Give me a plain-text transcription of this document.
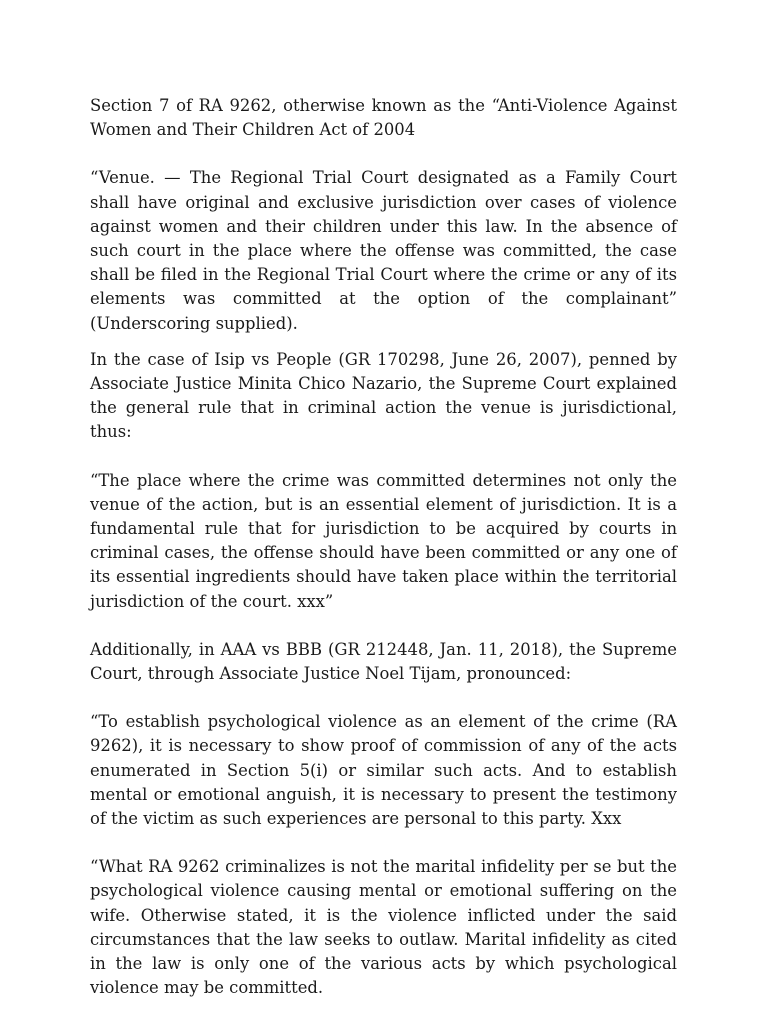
Section 7 of RA 9262, otherwise known as the “Anti-Violence Against Women and Their Children Act of 2004

“Venue. — The Regional Trial Court designated as a Family Court shall have original and exclusive jurisdiction over cases of violence against women and their children under this law. In the absence of such court in the place where the offense was committed, the case shall be filed in the Regional Trial Court where the crime or any of its elements was committed at the option of the complainant” (Underscoring supplied).

In the case of Isip vs People (GR 170298, June 26, 2007), penned by Associate Justice Minita Chico Nazario, the Supreme Court explained the general rule that in criminal action the venue is jurisdictional, thus:

“The place where the crime was committed determines not only the venue of the action, but is an essential element of jurisdiction. It is a fundamental rule that for jurisdiction to be acquired by courts in criminal cases, the offense should have been committed or any one of its essential ingredients should have taken place within the territorial jurisdiction of the court. xxx”

Additionally, in AAA vs BBB (GR 212448, Jan. 11, 2018), the Supreme Court, through Associate Justice Noel Tijam, pronounced:

“To establish psychological violence as an element of the crime (RA 9262), it is necessary to show proof of commission of any of the acts enumerated in Section 5(i) or similar such acts. And to establish mental or emotional anguish, it is necessary to present the testimony of the victim as such experiences are personal to this party. Xxx

“What RA 9262 criminalizes is not the marital infidelity per se but the psychological violence causing mental or emotional suffering on the wife. Otherwise stated, it is the violence inflicted under the said circumstances that the law seeks to outlaw. Marital infidelity as cited in the law is only one of the various acts by which psychological violence may be committed.
